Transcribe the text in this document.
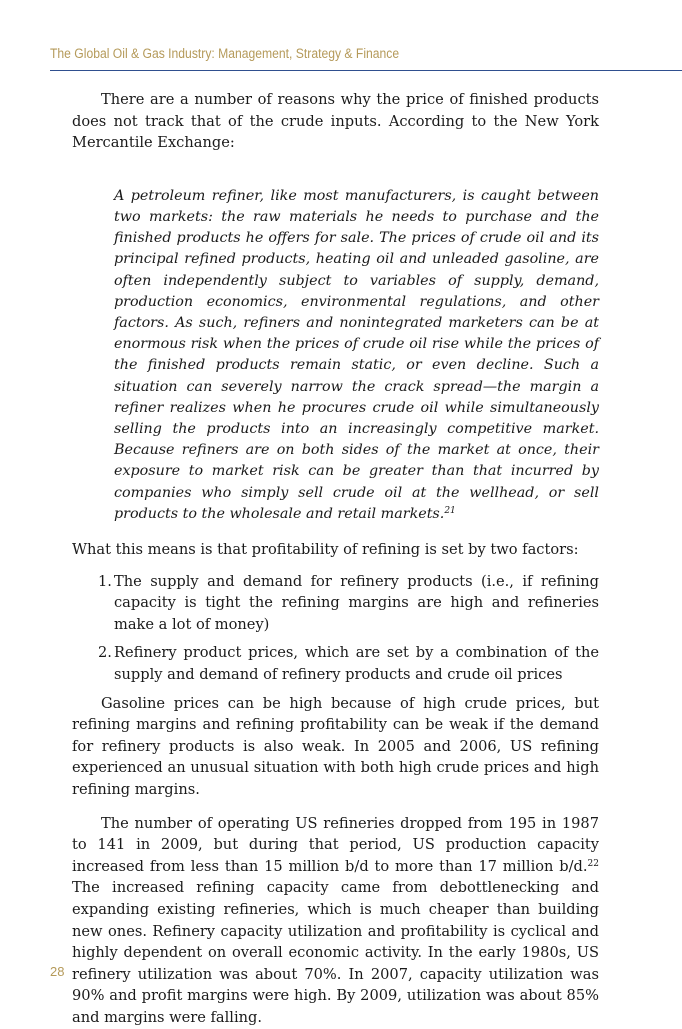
The Global Oil & Gas Industry: Management, Strategy & Finance

There are a number of reasons why the price of finished products does not track that of the crude inputs. According to the New York Mercantile Exchange:

A petroleum refiner, like most manufacturers, is caught between two markets: the raw materials he needs to purchase and the finished products he offers for sale. The prices of crude oil and its principal refined products, heating oil and unleaded gasoline, are often independently subject to variables of supply, demand, production economics, environmental regulations, and other factors. As such, refiners and nonintegrated marketers can be at enormous risk when the prices of crude oil rise while the prices of the finished products remain static, or even decline. Such a situation can severely narrow the crack spread—the margin a refiner realizes when he procures crude oil while simultaneously selling the products into an increasingly competitive market. Because refiners are on both sides of the market at once, their exposure to market risk can be greater than that incurred by companies who simply sell crude oil at the wellhead, or sell products to the wholesale and retail markets.$^{21}$

What this means is that profitability of refining is set by two factors:

1. The supply and demand for refinery products (i.e., if refining capacity is tight the refining margins are high and refineries make a lot of money)
2. Refinery product prices, which are set by a combination of the supply and demand of refinery products and crude oil prices

Gasoline prices can be high because of high crude prices, but refining margins and refining profitability can be weak if the demand for refinery products is also weak. In 2005 and 2006, US refining experienced an unusual situation with both high crude prices and high refining margins.

The number of operating US refineries dropped from 195 in 1987 to 141 in 2009, but during that period, US production capacity increased from less than 15 million b/d to more than 17 million b/d.$^{22}$ The increased refining capacity came from debottlenecking and expanding existing refineries, which is much cheaper than building new ones. Refinery capacity utilization and profitability is cyclical and highly dependent on overall economic activity. In the early 1980s, US refinery utilization was about 70%. In 2007, capacity utilization was 90% and profit margins were high. By 2009, utilization was about 85% and margins were falling.

28
